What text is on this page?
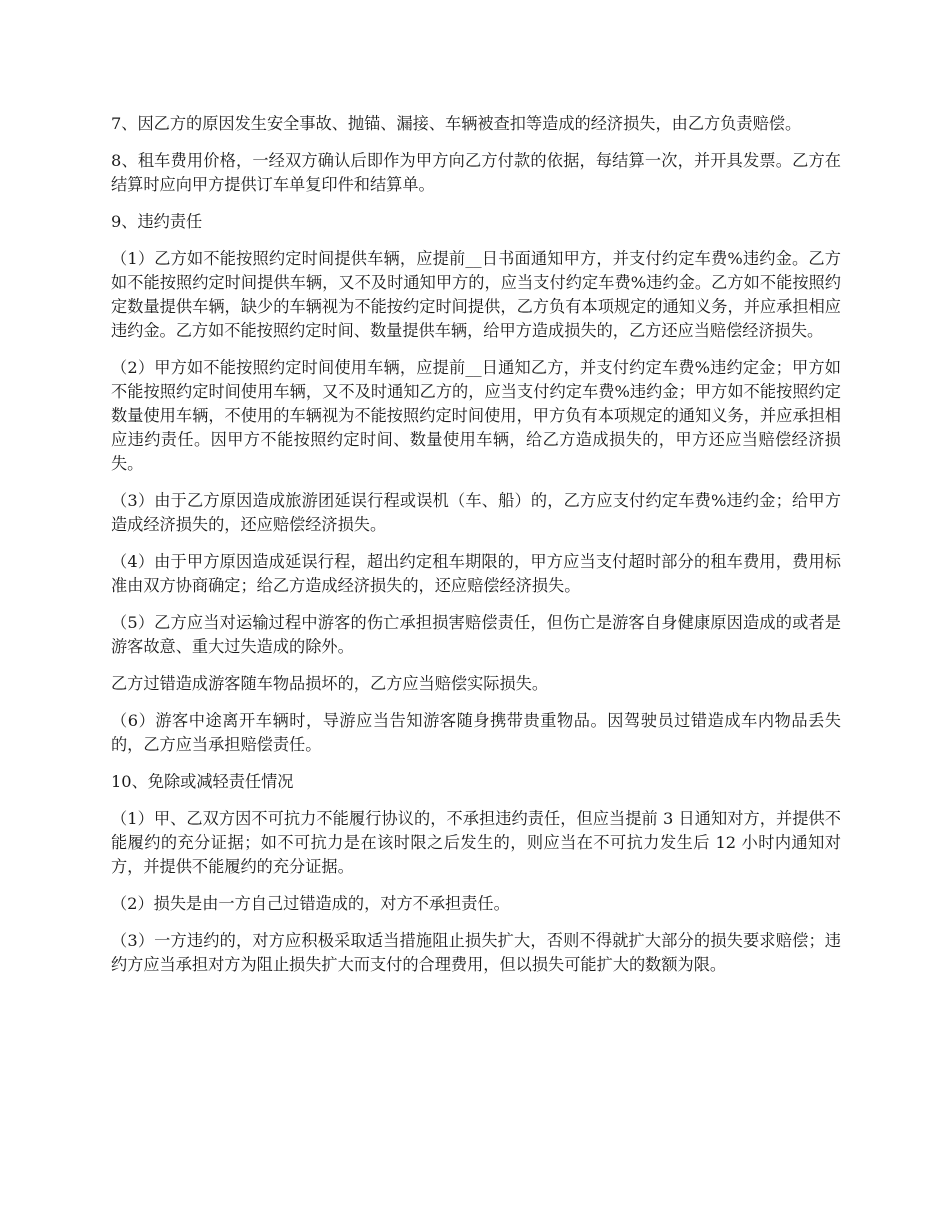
7、因乙方的原因发生安全事故、抛锚、漏接、车辆被查扣等造成的经济损失，由乙方负责赔偿。

8、租车费用价格，一经双方确认后即作为甲方向乙方付款的依据，每结算一次，并开具发票。乙方在结算时应向甲方提供订车单复印件和结算单。

9、违约责任

（1）乙方如不能按照约定时间提供车辆，应提前__日书面通知甲方，并支付约定车费%违约金。乙方如不能按照约定时间提供车辆，又不及时通知甲方的，应当支付约定车费%违约金。乙方如不能按照约定数量提供车辆，缺少的车辆视为不能按约定时间提供，乙方负有本项规定的通知义务，并应承担相应违约金。乙方如不能按照约定时间、数量提供车辆，给甲方造成损失的，乙方还应当赔偿经济损失。

（2）甲方如不能按照约定时间使用车辆，应提前__日通知乙方，并支付约定车费%违约定金；甲方如不能按照约定时间使用车辆，又不及时通知乙方的，应当支付约定车费%违约金；甲方如不能按照约定数量使用车辆，不使用的车辆视为不能按照约定时间使用，甲方负有本项规定的通知义务，并应承担相应违约责任。因甲方不能按照约定时间、数量使用车辆，给乙方造成损失的，甲方还应当赔偿经济损失。

（3）由于乙方原因造成旅游团延误行程或误机（车、船）的，乙方应支付约定车费%违约金；给甲方造成经济损失的，还应赔偿经济损失。

（4）由于甲方原因造成延误行程，超出约定租车期限的，甲方应当支付超时部分的租车费用，费用标准由双方协商确定；给乙方造成经济损失的，还应赔偿经济损失。

（5）乙方应当对运输过程中游客的伤亡承担损害赔偿责任，但伤亡是游客自身健康原因造成的或者是游客故意、重大过失造成的除外。

乙方过错造成游客随车物品损坏的，乙方应当赔偿实际损失。

（6）游客中途离开车辆时，导游应当告知游客随身携带贵重物品。因驾驶员过错造成车内物品丢失的，乙方应当承担赔偿责任。

10、免除或减轻责任情况

（1）甲、乙双方因不可抗力不能履行协议的，不承担违约责任，但应当提前 3 日通知对方，并提供不能履约的充分证据；如不可抗力是在该时限之后发生的，则应当在不可抗力发生后 12 小时内通知对方，并提供不能履约的充分证据。

（2）损失是由一方自己过错造成的，对方不承担责任。

（3）一方违约的，对方应积极采取适当措施阻止损失扩大，否则不得就扩大部分的损失要求赔偿；违约方应当承担对方为阻止损失扩大而支付的合理费用，但以损失可能扩大的数额为限。
